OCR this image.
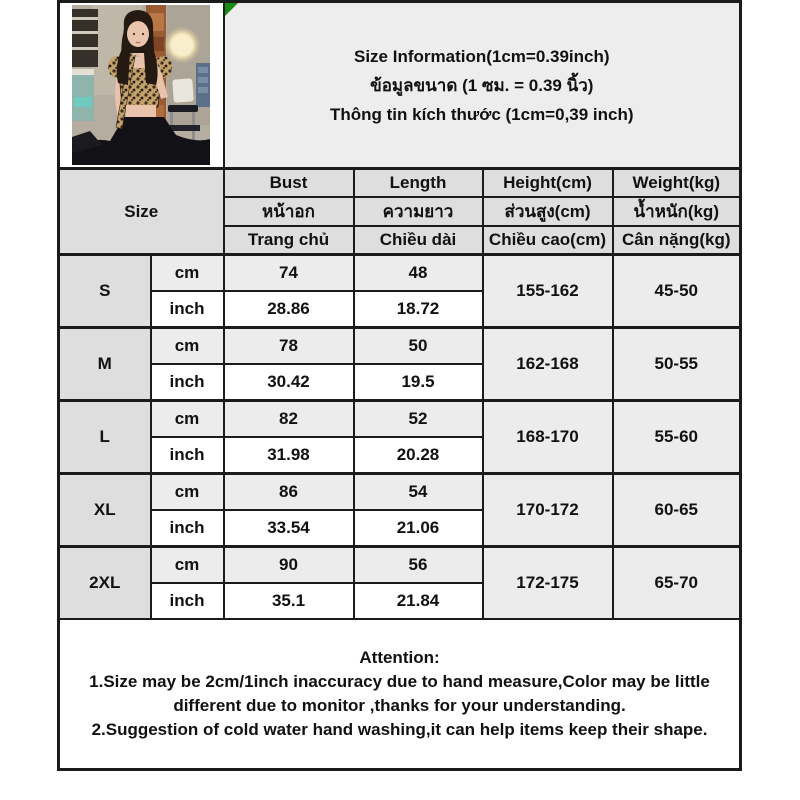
Size Information(1cm=0.39inch)
ข้อมูลขนาด (1 ซม. = 0.39 นิ้ว)
Thông tin kích thước (1cm=0,39 inch)			

Size		Bust	Length	Height(cm)	Weight(kg)
		หน้าอก	ความยาว	ส่วนสูง(cm)	น้ำหนัก(kg)
		Trang chủ	Chiều dài	Chiều cao(cm)	Cân nặng(kg)
S	cm	74	48	155-162	45-50
	inch	28.86	18.72		
M	cm	78	50	162-168	50-55
	inch	30.42	19.5		
L	cm	82	52	168-170	55-60
	inch	31.98	20.28		
XL	cm	86	54	170-172	60-65
	inch	33.54	21.06		
2XL	cm	90	56	172-175	65-70
	inch	35.1	21.84		

Attention:

1.Size may be 2cm/1inch inaccuracy due to hand measure,Color may be little different due to monitor ,thanks for your understanding.

2.Suggestion of cold water hand washing,it can help items keep their shape.					
